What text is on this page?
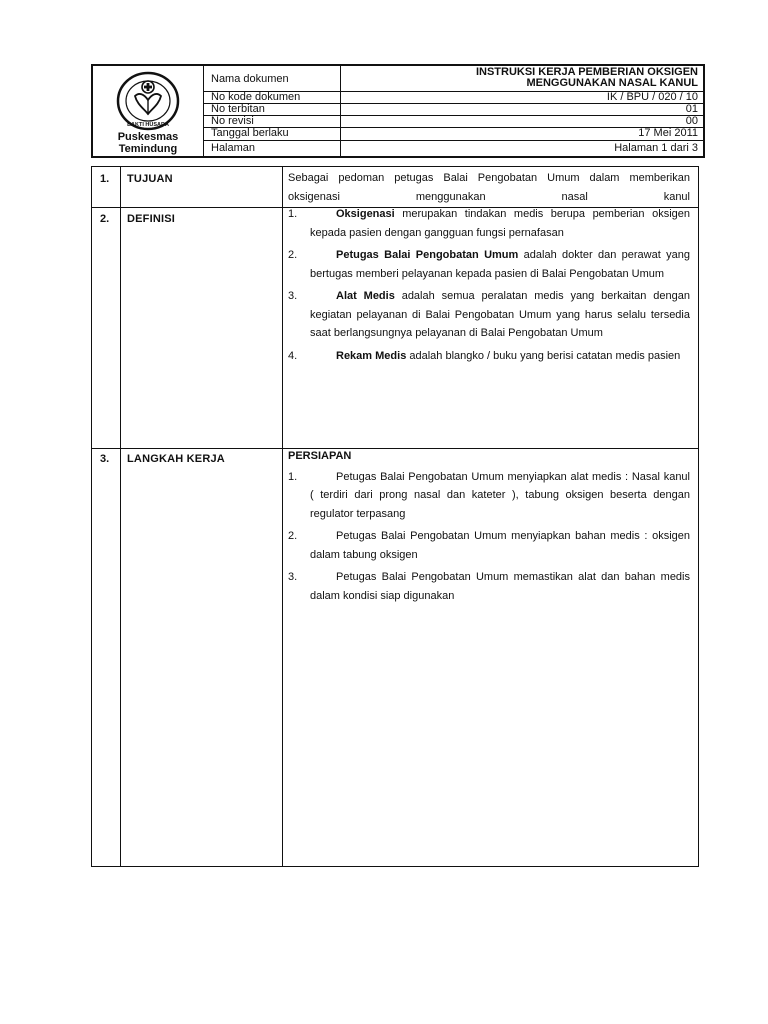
BAKTI HUSADA
Puskesmas
Temindung
Nama dokumen
INSTRUKSI KERJA PEMBERIAN OKSIGEN MENGGUNAKAN NASAL KANUL
No kode dokumen	IK / BPU / 020 / 10
No terbitan	01
No revisi	00
Tanggal berlaku	17 Mei 2011
Halaman	Halaman 1 dari 3
1. TUJUAN	Sebagai pedoman petugas Balai Pengobatan Umum dalam memberikan oksigenasi menggunakan nasal kanul
2. DEFINISI	1.	Oksigenasi merupakan tindakan medis berupa pemberian oksigen kepada pasien dengan gangguan fungsi pernafasan
2.	Petugas Balai Pengobatan Umum adalah dokter dan perawat yang bertugas memberi pelayanan kepada pasien di Balai Pengobatan Umum
3.	Alat Medis adalah semua peralatan medis yang berkaitan dengan kegiatan pelayanan di Balai Pengobatan Umum yang harus selalu tersedia saat berlangsungnya pelayanan di Balai Pengobatan Umum
4.	Rekam Medis adalah blangko / buku yang berisi catatan medis pasien
3. LANGKAH KERJA	PERSIAPAN
1.	Petugas Balai Pengobatan Umum menyiapkan alat medis : Nasal kanul ( terdiri dari prong nasal dan kateter ), tabung oksigen beserta dengan regulator terpasang
2.	Petugas Balai Pengobatan Umum menyiapkan bahan medis : oksigen dalam tabung oksigen
3.	Petugas Balai Pengobatan Umum memastikan alat dan bahan medis dalam kondisi siap digunakan
